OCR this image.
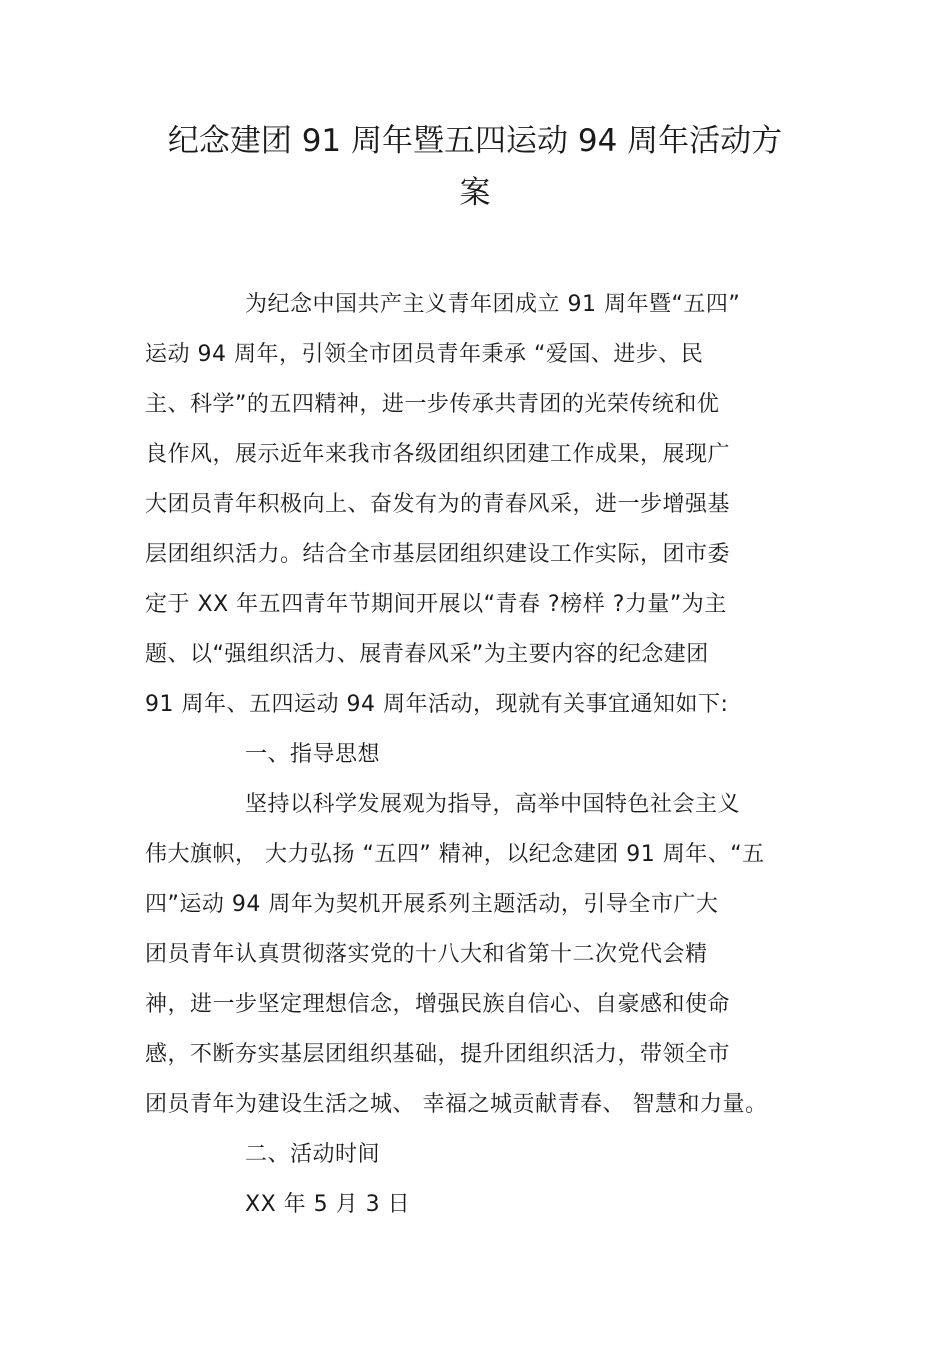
纪念建团 91 周年暨五四运动 94 周年活动方
案
为纪念中国共产主义青年团成立 91 周年暨“五四”
运动 94 周年，引领全市团员青年秉承 “爱国、进步、民
主、科学”的五四精神，进一步传承共青团的光荣传统和优
良作风，展示近年来我市各级团组织团建工作成果，展现广
大团员青年积极向上、奋发有为的青春风采，进一步增强基
层团组织活力。结合全市基层团组织建设工作实际，团市委
定于 XX 年五四青年节期间开展以“青春 ?榜样 ?力量”为主
题、以“强组织活力、展青春风采”为主要内容的纪念建团
91 周年、五四运动 94 周年活动，现就有关事宜通知如下:
一、指导思想
坚持以科学发展观为指导，高举中国特色社会主义
伟大旗帜， 大力弘扬 “五四” 精神，以纪念建团 91 周年、“五
四”运动 94 周年为契机开展系列主题活动，引导全市广大
团员青年认真贯彻落实党的十八大和省第十二次党代会精
神，进一步坚定理想信念，增强民族自信心、自豪感和使命
感，不断夯实基层团组织基础，提升团组织活力，带领全市
团员青年为建设生活之城、 幸福之城贡献青春、 智慧和力量。
二、活动时间
XX 年 5 月 3 日
